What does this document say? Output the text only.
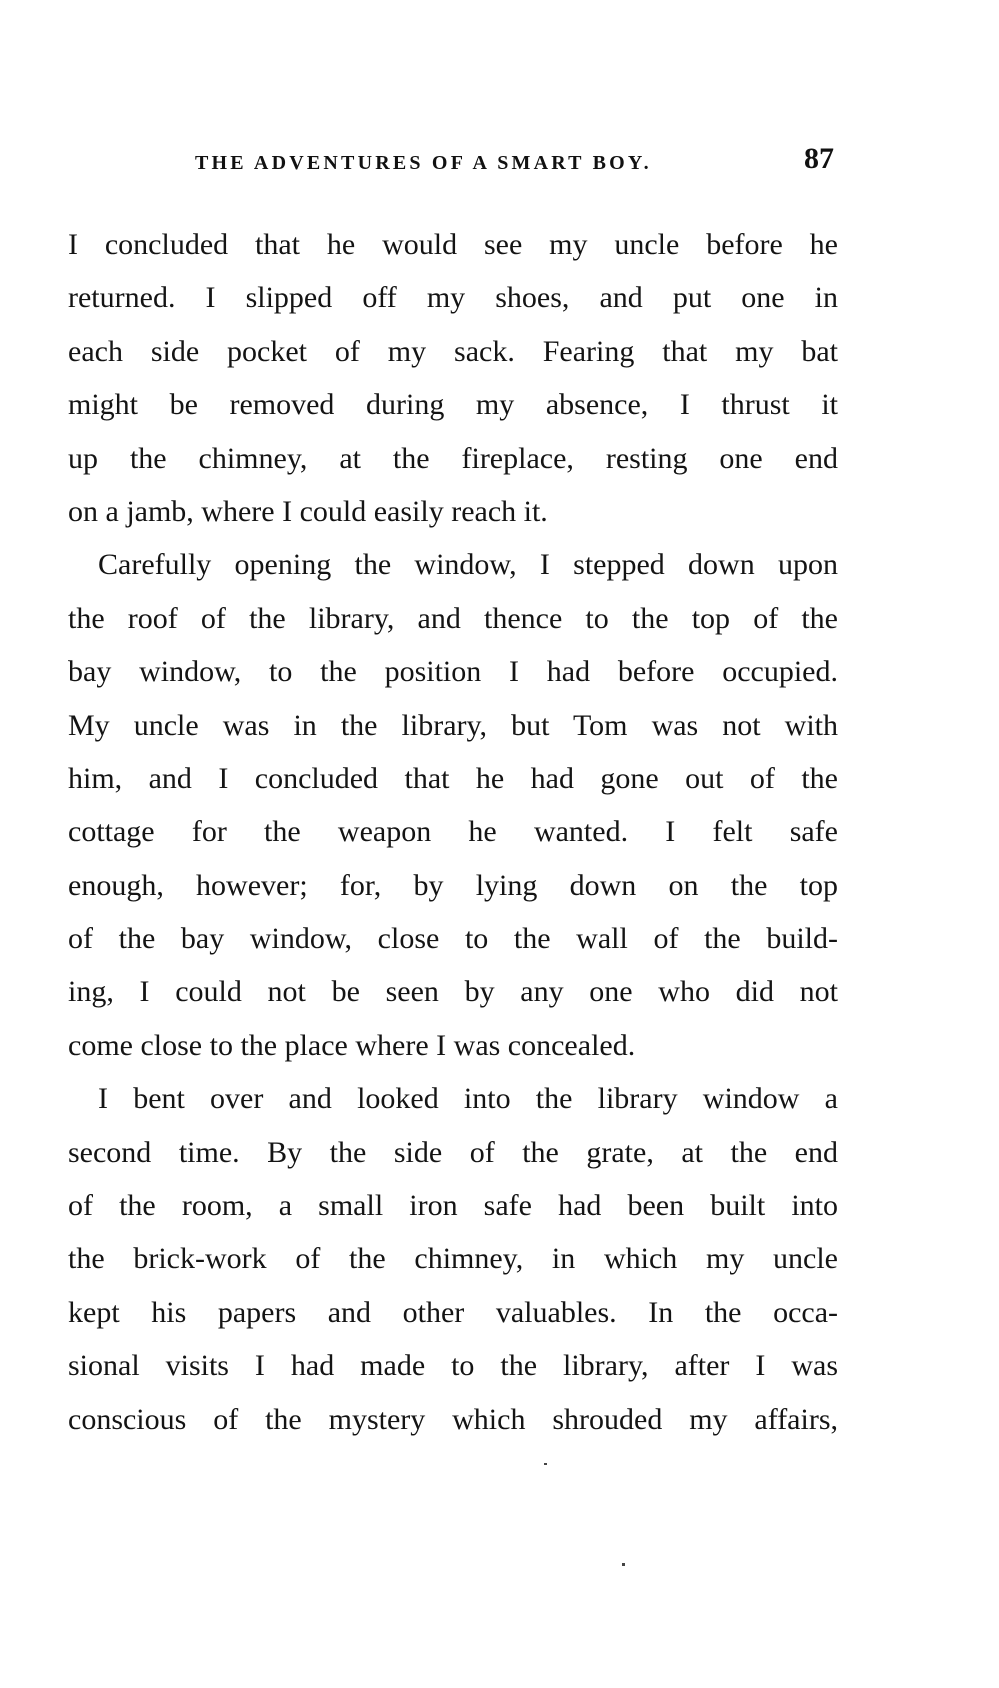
THE ADVENTURES OF A SMART BOY.	87
I concluded that he would see my uncle before he
returned. I slipped off my shoes, and put one in
each side pocket of my sack. Fearing that my bat
might be removed during my absence, I thrust it
up the chimney, at the fireplace, resting one end
on a jamb, where I could easily reach it.
Carefully opening the window, I stepped down upon
the roof of the library, and thence to the top of the
bay window, to the position I had before occupied.
My uncle was in the library, but Tom was not with
him, and I concluded that he had gone out of the
cottage for the weapon he wanted. I felt safe
enough, however; for, by lying down on the top
of the bay window, close to the wall of the build-
ing, I could not be seen by any one who did not
come close to the place where I was concealed.
I bent over and looked into the library window a
second time. By the side of the grate, at the end
of the room, a small iron safe had been built into
the brick-work of the chimney, in which my uncle
kept his papers and other valuables. In the occa-
sional visits I had made to the library, after I was
conscious of the mystery which shrouded my affairs,
